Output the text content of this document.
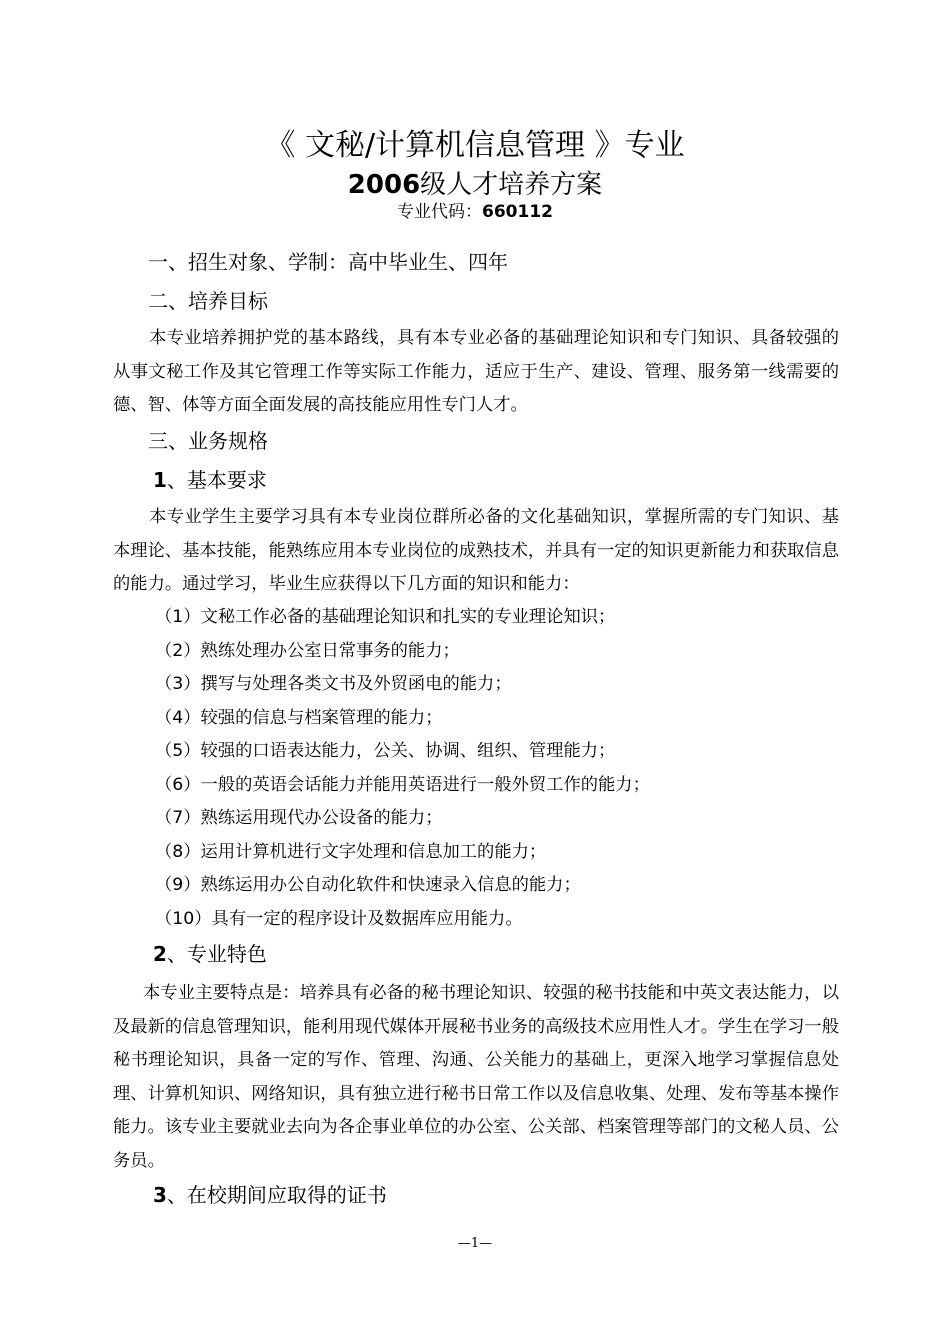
《 文秘/计算机信息管理 》专业
2006级人才培养方案
专业代码：660112
一、招生对象、学制：高中毕业生、四年
二、培养目标
本专业培养拥护党的基本路线，具有本专业必备的基础理论知识和专门知识、具备较强的从事文秘工作及其它管理工作等实际工作能力，适应于生产、建设、管理、服务第一线需要的德、智、体等方面全面发展的高技能应用性专门人才。
三、业务规格
1、基本要求
本专业学生主要学习具有本专业岗位群所必备的文化基础知识，掌握所需的专门知识、基本理论、基本技能，能熟练应用本专业岗位的成熟技术，并具有一定的知识更新能力和获取信息的能力。通过学习，毕业生应获得以下几方面的知识和能力：
（1）文秘工作必备的基础理论知识和扎实的专业理论知识；
（2）熟练处理办公室日常事务的能力；
（3）撰写与处理各类文书及外贸函电的能力；
（4）较强的信息与档案管理的能力；
（5）较强的口语表达能力，公关、协调、组织、管理能力；
（6）一般的英语会话能力并能用英语进行一般外贸工作的能力；
（7）熟练运用现代办公设备的能力；
（8）运用计算机进行文字处理和信息加工的能力；
（9）熟练运用办公自动化软件和快速录入信息的能力；
（10）具有一定的程序设计及数据库应用能力。
2、专业特色
本专业主要特点是：培养具有必备的秘书理论知识、较强的秘书技能和中英文表达能力，以及最新的信息管理知识，能利用现代媒体开展秘书业务的高级技术应用性人才。学生在学习一般秘书理论知识，具备一定的写作、管理、沟通、公关能力的基础上，更深入地学习掌握信息处理、计算机知识、网络知识，具有独立进行秘书日常工作以及信息收集、处理、发布等基本操作能力。该专业主要就业去向为各企事业单位的办公室、公关部、档案管理等部门的文秘人员、公务员。
3、在校期间应取得的证书
—1—
